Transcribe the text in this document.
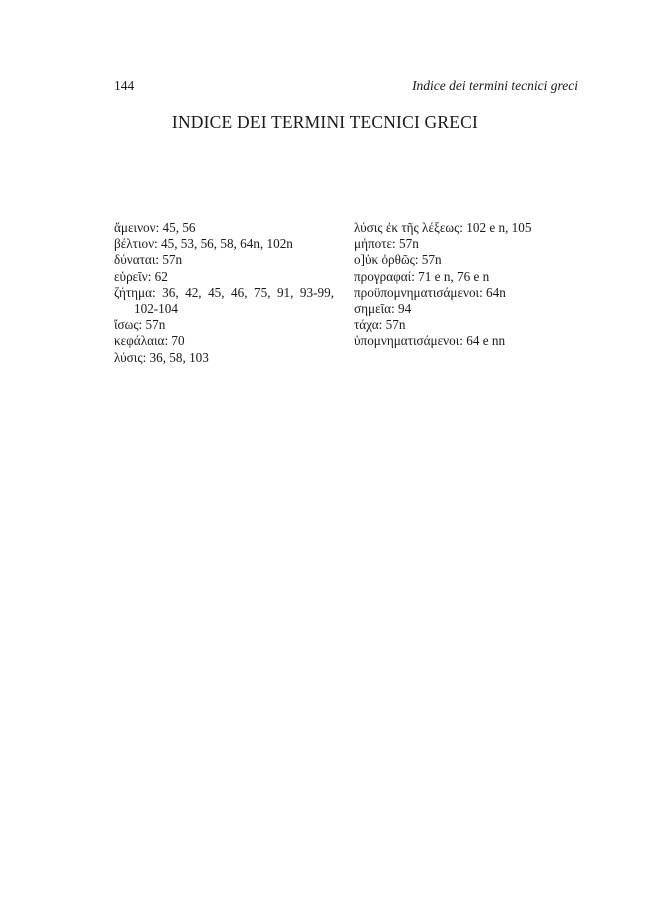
144	Indice dei termini tecnici greci
INDICE DEI TERMINI TECNICI GRECI
ἄμεινον: 45, 56
βέλτιον: 45, 53, 56, 58, 64n, 102n
δύναται: 57n
εὑρεῖν: 62
ζήτημα: 36, 42, 45, 46, 75, 91, 93-99, 102-104
ἴσως: 57n
κεφάλαια: 70
λύσις: 36, 58, 103
λύσις ἐκ τῆς λέξεως: 102 e n, 105
μήποτε: 57n
ο]ὐκ ὀρθῶς: 57n
προγραφαί: 71 e n, 76 e n
προϋπομνηματισάμενοι: 64n
σημεῖα: 94
τάχα: 57n
ὑπομνηματισάμενοι: 64 e nn
